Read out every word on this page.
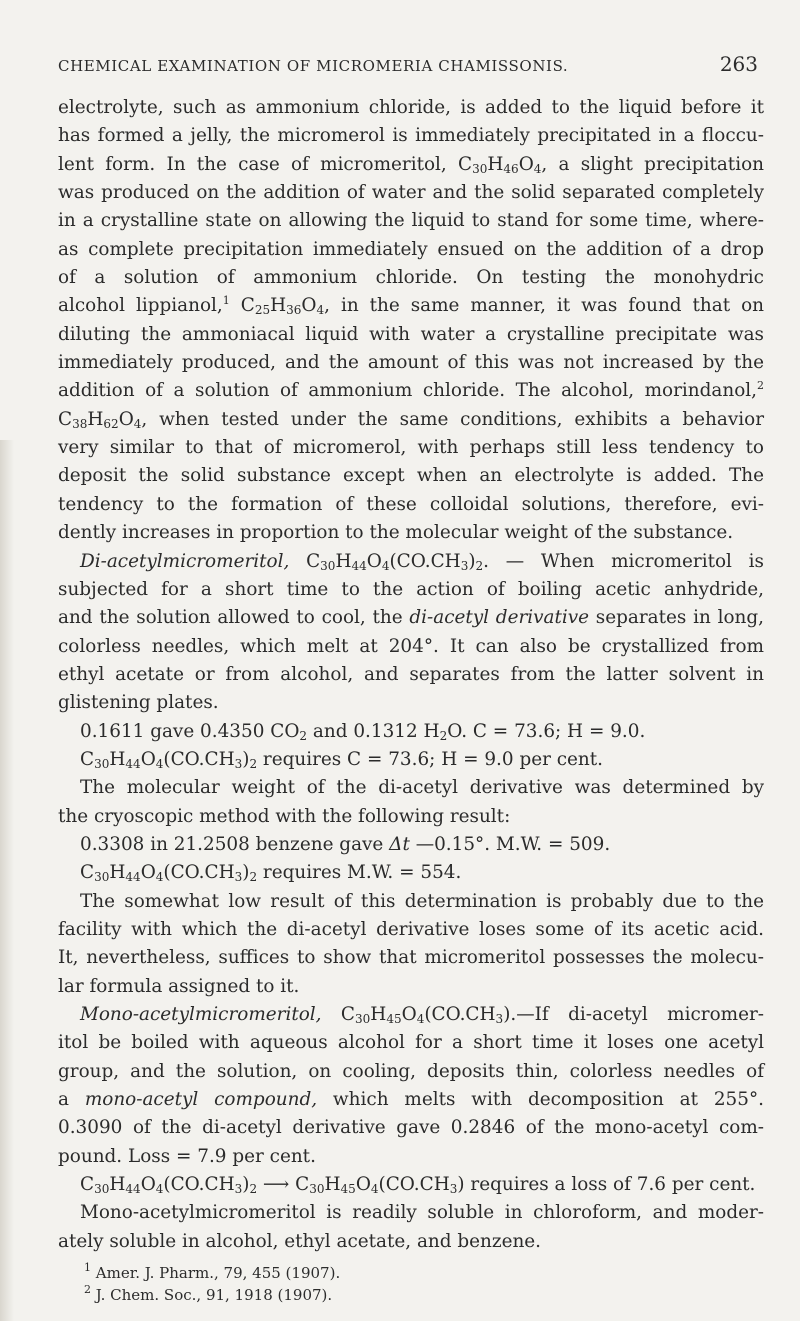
CHEMICAL EXAMINATION OF MICROMERIA CHAMISSONIS.	263
electrolyte, such as ammonium chloride, is added to the liquid before it
has formed a jelly, the micromerol is immediately precipitated in a floccu-
lent form. In the case of micromeritol, $C_{30}H_{46}O_4$, a slight precipitation
was produced on the addition of water and the solid separated completely
in a crystalline state on allowing the liquid to stand for some time, where-
as complete precipitation immediately ensued on the addition of a drop
of a solution of ammonium chloride. On testing the monohydric
alcohol lippianol,$^1$ $C_{25}H_{36}O_4$, in the same manner, it was found that on
diluting the ammoniacal liquid with water a crystalline precipitate was
immediately produced, and the amount of this was not increased by the
addition of a solution of ammonium chloride. The alcohol, morindanol,$^2$
$C_{38}H_{62}O_4$, when tested under the same conditions, exhibits a behavior
very similar to that of micromerol, with perhaps still less tendency to
deposit the solid substance except when an electrolyte is added. The
tendency to the formation of these colloidal solutions, therefore, evi-
dently increases in proportion to the molecular weight of the substance.
Di-acetylmicromeritol, $C_{30}H_{44}O_4(CO.CH_3)_2$. — When micromeritol is
subjected for a short time to the action of boiling acetic anhydride,
and the solution allowed to cool, the di-acetyl derivative separates in long,
colorless needles, which melt at 204°. It can also be crystallized from
ethyl acetate or from alcohol, and separates from the latter solvent in
glistening plates.
0.1611 gave 0.4350 $CO_2$ and 0.1312 $H_2O$. C = 73.6; H = 9.0.
$C_{30}H_{44}O_4(CO.CH_3)_2$ requires C = 73.6; H = 9.0 per cent.
The molecular weight of the di-acetyl derivative was determined by
the cryoscopic method with the following result:
0.3308 in 21.2508 benzene gave Δt —0.15°. M.W. = 509.
$C_{30}H_{44}O_4(CO.CH_3)_2$ requires M.W. = 554.
The somewhat low result of this determination is probably due to the
facility with which the di-acetyl derivative loses some of its acetic acid.
It, nevertheless, suffices to show that micromeritol possesses the molecu-
lar formula assigned to it.
Mono-acetylmicromeritol, $C_{30}H_{45}O_4(CO.CH_3).—If$ di-acetyl micromer-
itol be boiled with aqueous alcohol for a short time it loses one acetyl
group, and the solution, on cooling, deposits thin, colorless needles of
a mono-acetyl compound, which melts with decomposition at 255°.
0.3090 of the di-acetyl derivative gave 0.2846 of the mono-acetyl com-
pound. Loss = 7.9 per cent.
$C_{30}H_{44}O_4(CO.CH_3)_2$ ⟶ $C_{30}H_{45}O_4(CO.CH_3)$ requires a loss of 7.6 per cent.
Mono-acetylmicromeritol is readily soluble in chloroform, and moder-
ately soluble in alcohol, ethyl acetate, and benzene.
$^1$ Amer. J. Pharm., 79, 455 (1907).
$^2$ J. Chem. Soc., 91, 1918 (1907).
